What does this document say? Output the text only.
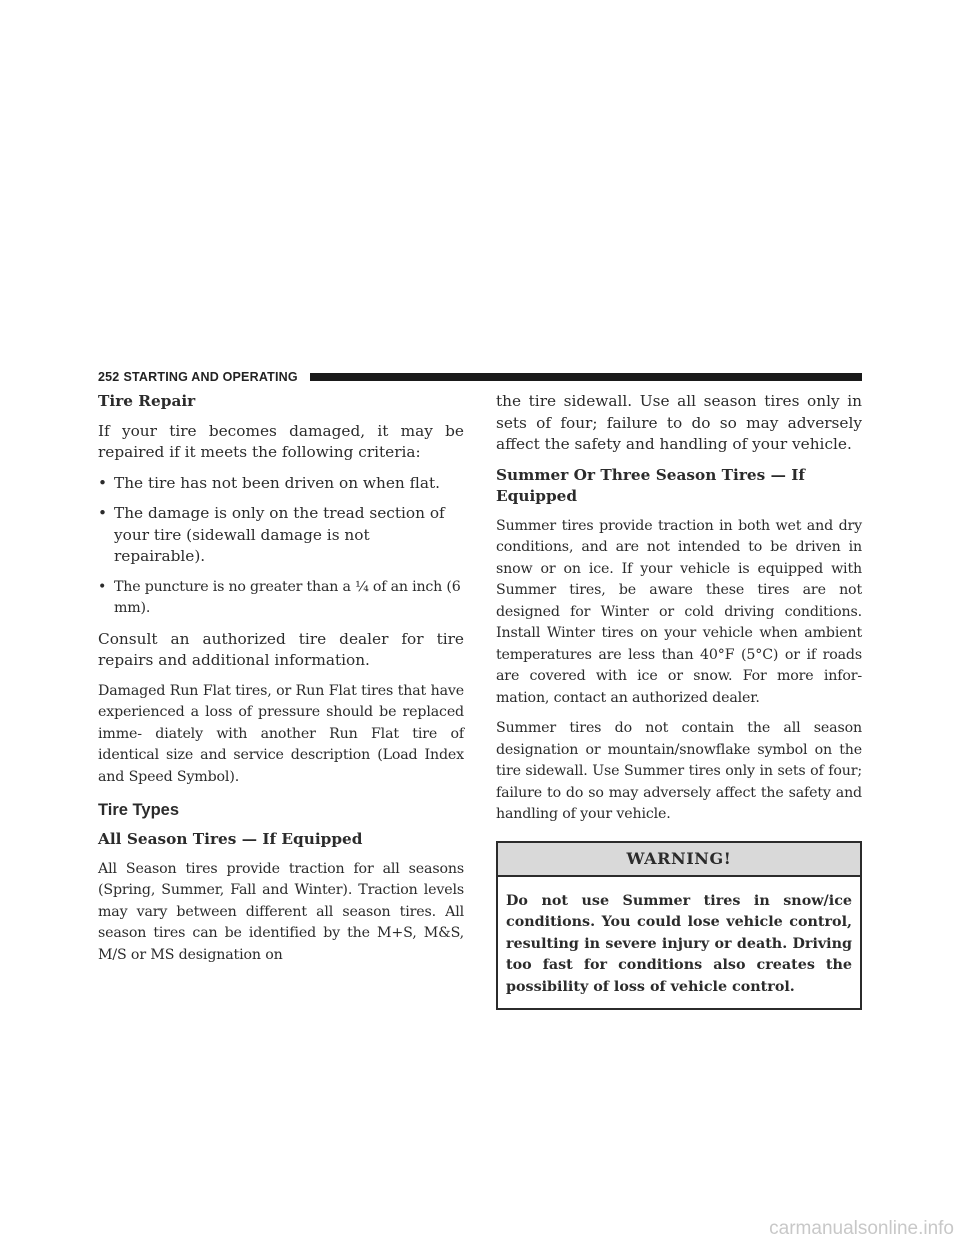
252 STARTING AND OPERATING
Tire Repair

If your tire becomes damaged, it may be repaired if it meets the following criteria:

• The tire has not been driven on when flat.
• The damage is only on the tread section of your tire (sidewall damage is not repairable).
• The puncture is no greater than a ¼ of an inch (6 mm).

Consult an authorized tire dealer for tire repairs and additional information.

Damaged Run Flat tires, or Run Flat tires that have experienced a loss of pressure should be replaced imme- diately with another Run Flat tire of identical size and service description (Load Index and Speed Symbol).

Tire Types
All Season Tires — If Equipped

All Season tires provide traction for all seasons (Spring, Summer, Fall and Winter). Traction levels may vary between different all season tires. All season tires can be identified by the M+S, M&S, M/S or MS designation on

the tire sidewall. Use all season tires only in sets of four; failure to do so may adversely affect the safety and handling of your vehicle.

Summer Or Three Season Tires — If Equipped

Summer tires provide traction in both wet and dry conditions, and are not intended to be driven in snow or on ice. If your vehicle is equipped with Summer tires, be aware these tires are not designed for Winter or cold driving conditions. Install Winter tires on your vehicle when ambient temperatures are less than 40°F (5°C) or if roads are covered with ice or snow. For more infor- mation, contact an authorized dealer.

Summer tires do not contain the all season designation or mountain/snowflake symbol on the tire sidewall. Use Summer tires only in sets of four; failure to do so may adversely affect the safety and handling of your vehicle.

WARNING!
Do not use Summer tires in snow/ice conditions. You could lose vehicle control, resulting in severe injury or death. Driving too fast for conditions also creates the possibility of loss of vehicle control.
carmanualsonline.info
